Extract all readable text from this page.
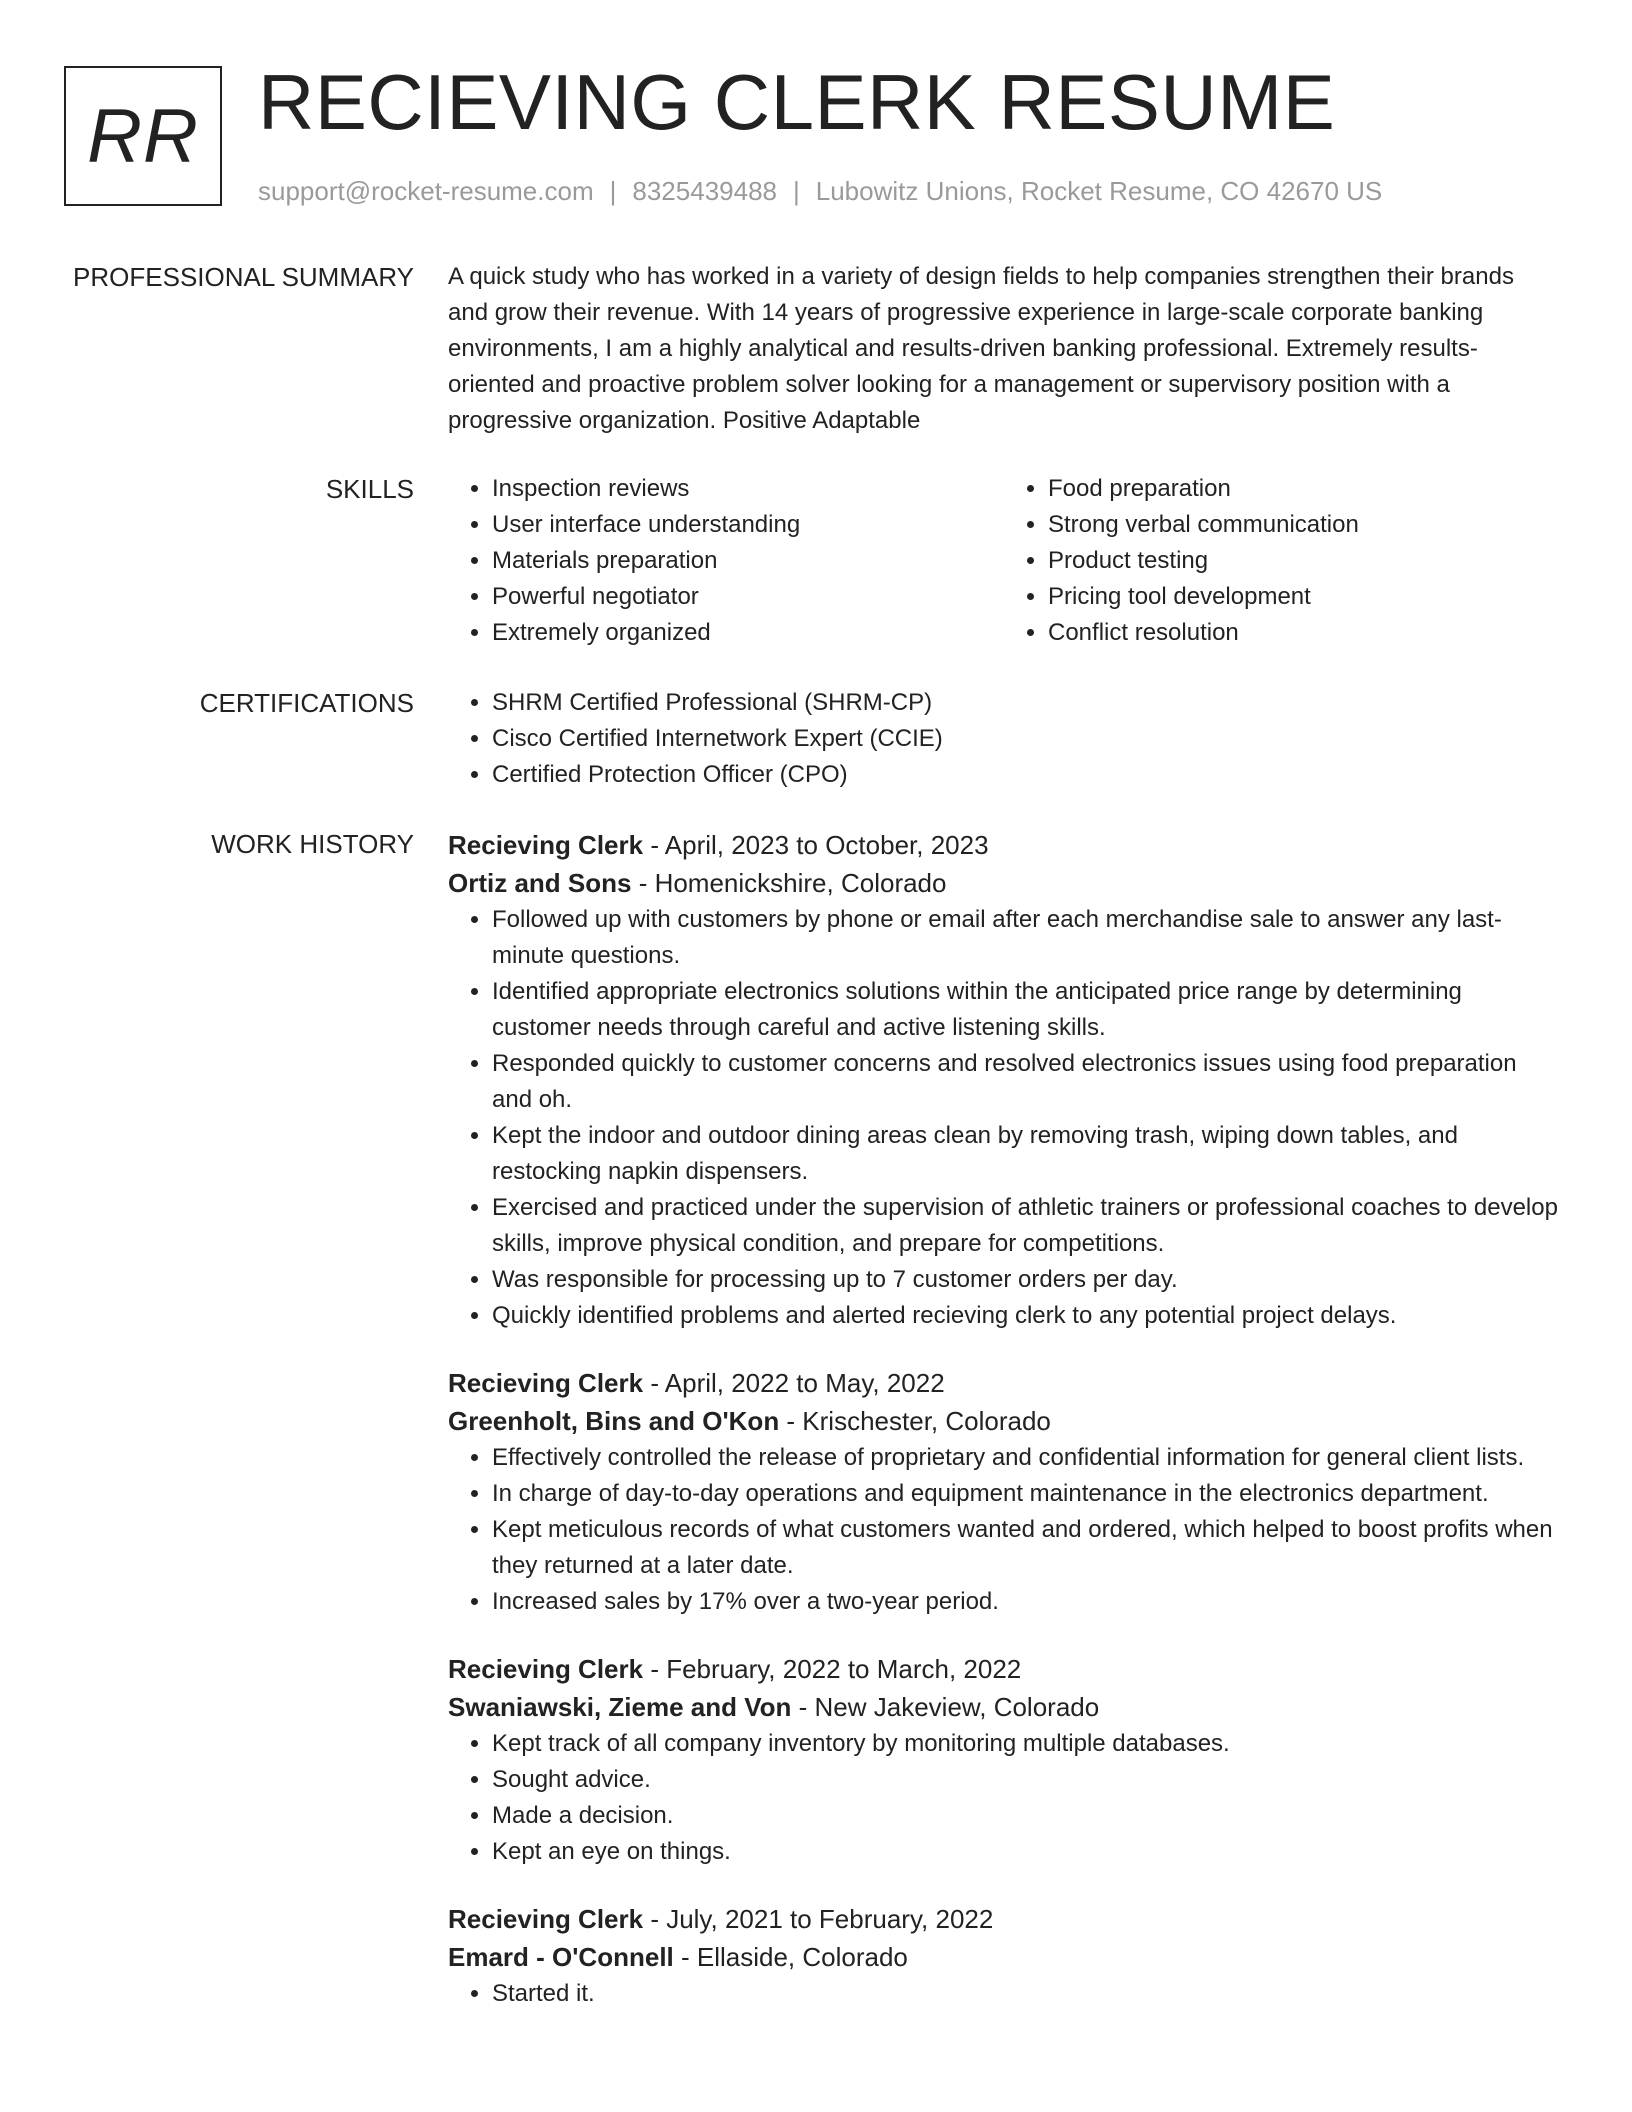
RR RECIEVING CLERK RESUME
support@rocket-resume.com | 8325439488 | Lubowitz Unions, Rocket Resume, CO 42670 US
PROFESSIONAL SUMMARY A quick study who has worked in a variety of design fields to help companies strengthen their brands and grow their revenue. With 14 years of progressive experience in large-scale corporate banking environments, I am a highly analytical and results-driven banking professional. Extremely results-oriented and proactive problem solver looking for a management or supervisory position with a progressive organization. Positive Adaptable

SKILLS	• Inspection reviews
• User interface understanding
• Materials preparation
• Powerful negotiator
• Extremely organized
• Food preparation
• Strong verbal communication
• Product testing
• Pricing tool development
• Conflict resolution
CERTIFICATIONS	• SHRM Certified Professional (SHRM-CP)
• Cisco Certified Internetwork Expert (CCIE)
• Certified Protection Officer (CPO)
WORK HISTORY Recieving Clerk - April, 2023 to October, 2023

Ortiz and Sons - Homenickshire, Colorado

• Followed up with customers by phone or email after each merchandise sale to answer any last-minute questions.
• Identified appropriate electronics solutions within the anticipated price range by determining customer needs through careful and active listening skills.
• Responded quickly to customer concerns and resolved electronics issues using food preparation and oh.
• Kept the indoor and outdoor dining areas clean by removing trash, wiping down tables, and restocking napkin dispensers.
• Exercised and practiced under the supervision of athletic trainers or professional coaches to develop skills, improve physical condition, and prepare for competitions.
• Was responsible for processing up to 7 customer orders per day.
• Quickly identified problems and alerted recieving clerk to any potential project delays.

Recieving Clerk - April, 2022 to May, 2022

Greenholt, Bins and O'Kon - Krischester, Colorado

• Effectively controlled the release of proprietary and confidential information for general client lists.
• In charge of day-to-day operations and equipment maintenance in the electronics department.
• Kept meticulous records of what customers wanted and ordered, which helped to boost profits when they returned at a later date.
• Increased sales by 17% over a two-year period.

Recieving Clerk - February, 2022 to March, 2022

Swaniawski, Zieme and Von - New Jakeview, Colorado

• Kept track of all company inventory by monitoring multiple databases.
• Sought advice.
• Made a decision.
• Kept an eye on things.

Recieving Clerk - July, 2021 to February, 2022

Emard - O'Connell - Ellaside, Colorado

• Started it.
